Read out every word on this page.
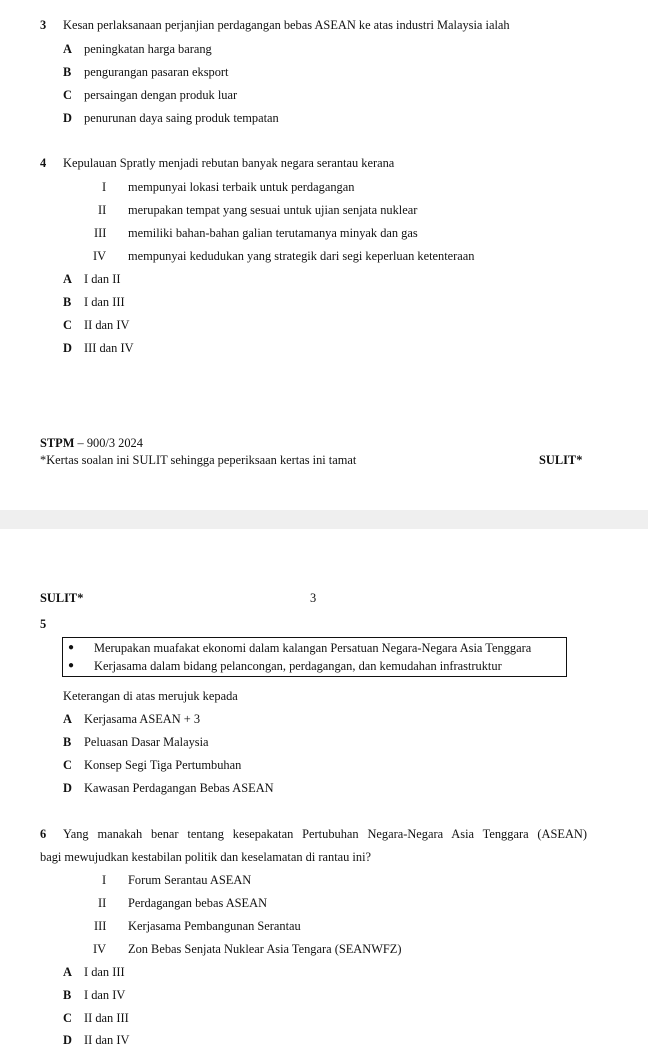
3 Kesan perlaksanaan perjanjian perdagangan bebas ASEAN ke atas industri Malaysia ialah
A peningkatan harga barang
B pengurangan pasaran eksport
C persaingan dengan produk luar
D penurunan daya saing produk tempatan
4 Kepulauan Spratly menjadi rebutan banyak negara serantau kerana
I mempunyai lokasi terbaik untuk perdagangan
II merupakan tempat yang sesuai untuk ujian senjata nuklear
III memiliki bahan-bahan galian terutamanya minyak dan gas
IV mempunyai kedudukan yang strategik dari segi keperluan ketenteraan
A I dan II
B I dan III
C II dan IV
D III dan IV
STPM – 900/3 2024
*Kertas soalan ini SULIT sehingga peperiksaan kertas ini tamat	SULIT*
SULIT*	3
5
● Merupakan muafakat ekonomi dalam kalangan Persatuan Negara-Negara Asia Tenggara
● Kerjasama dalam bidang pelancongan, perdagangan, dan kemudahan infrastruktur
Keterangan di atas merujuk kepada
A Kerjasama ASEAN + 3
B Peluasan Dasar Malaysia
C Konsep Segi Tiga Pertumbuhan
D Kawasan Perdagangan Bebas ASEAN
6 Yang manakah benar tentang kesepakatan Pertubuhan Negara-Negara Asia Tenggara (ASEAN)
bagi mewujudkan kestabilan politik dan keselamatan di rantau ini?
I Forum Serantau ASEAN
II Perdagangan bebas ASEAN
III Kerjasama Pembangunan Serantau
IV Zon Bebas Senjata Nuklear Asia Tengara (SEANWFZ)
A I dan III
B I dan IV
C II dan III
D II dan IV
